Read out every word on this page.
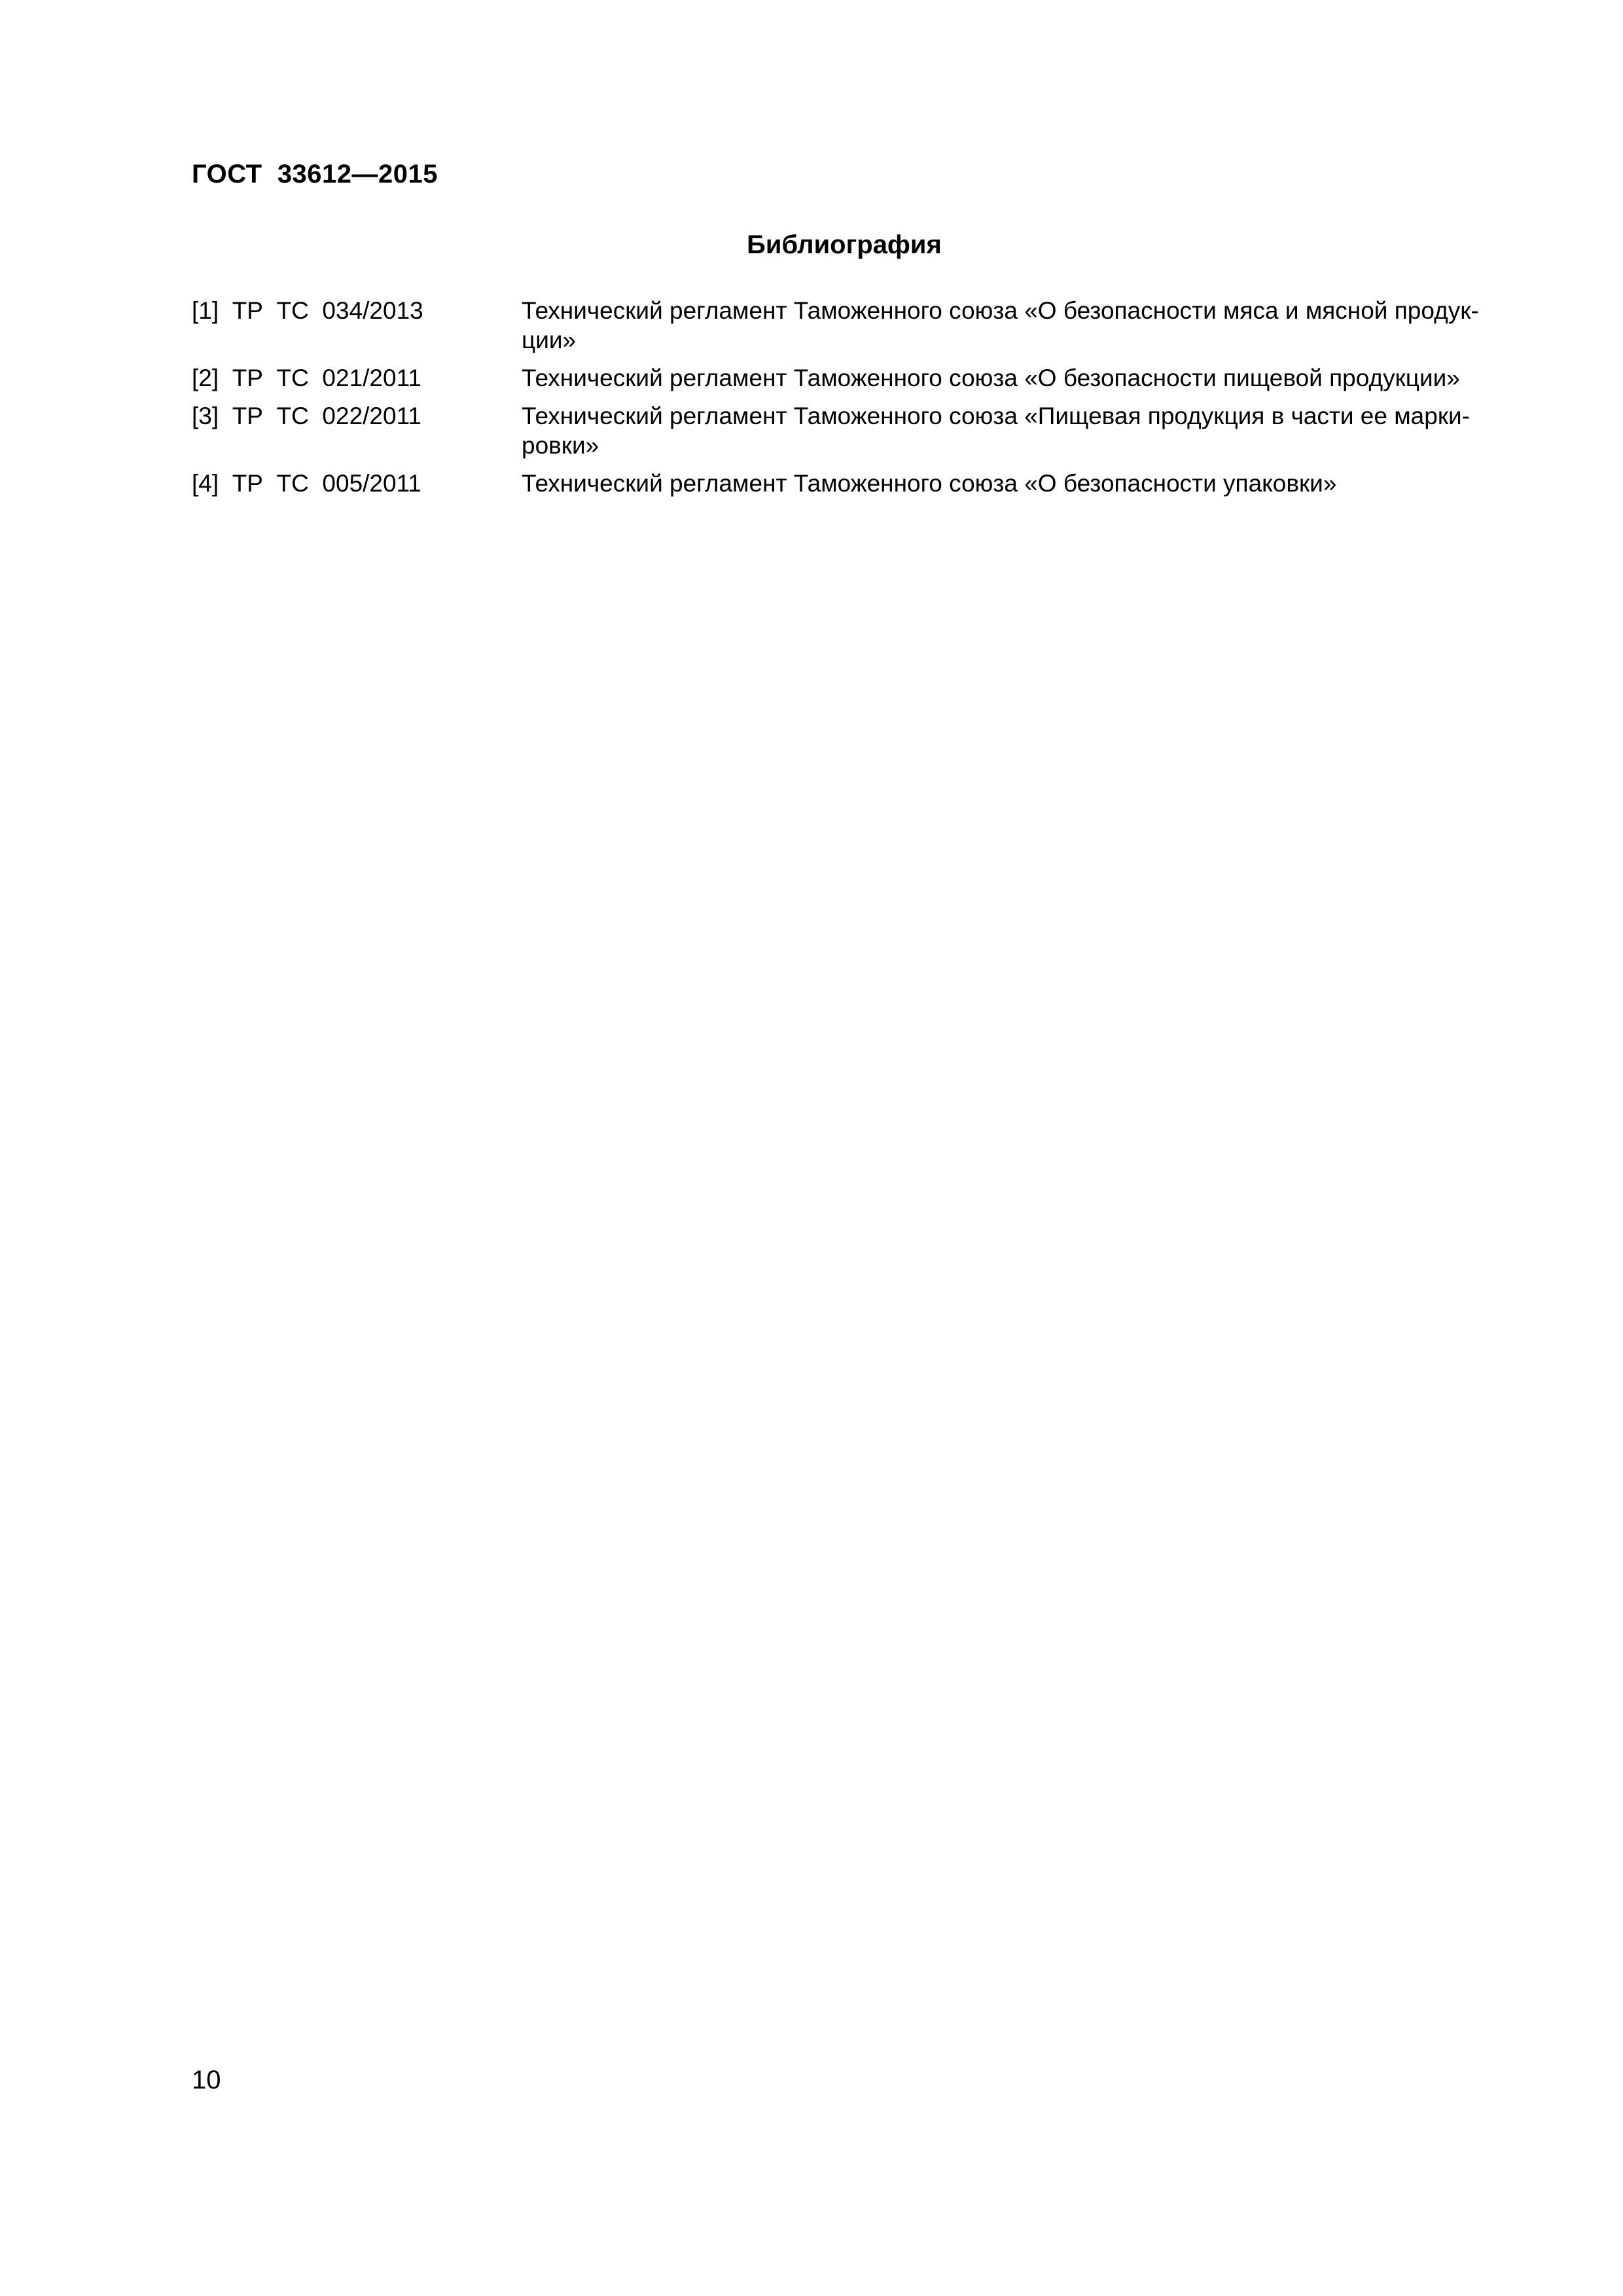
ГОСТ  33612—2015
Библиография
[1]  ТР  ТС  034/2013	Технический регламент Таможенного союза «О безопасности мяса и мясной продук-
ции»
[2]  ТР  ТС  021/2011	Технический регламент Таможенного союза «О безопасности пищевой продукции»
[3]  ТР  ТС  022/2011	Технический регламент Таможенного союза «Пищевая продукция в части ее марки-
ровки»
[4]  ТР  ТС  005/2011	Технический регламент Таможенного союза «О безопасности упаковки»
10
